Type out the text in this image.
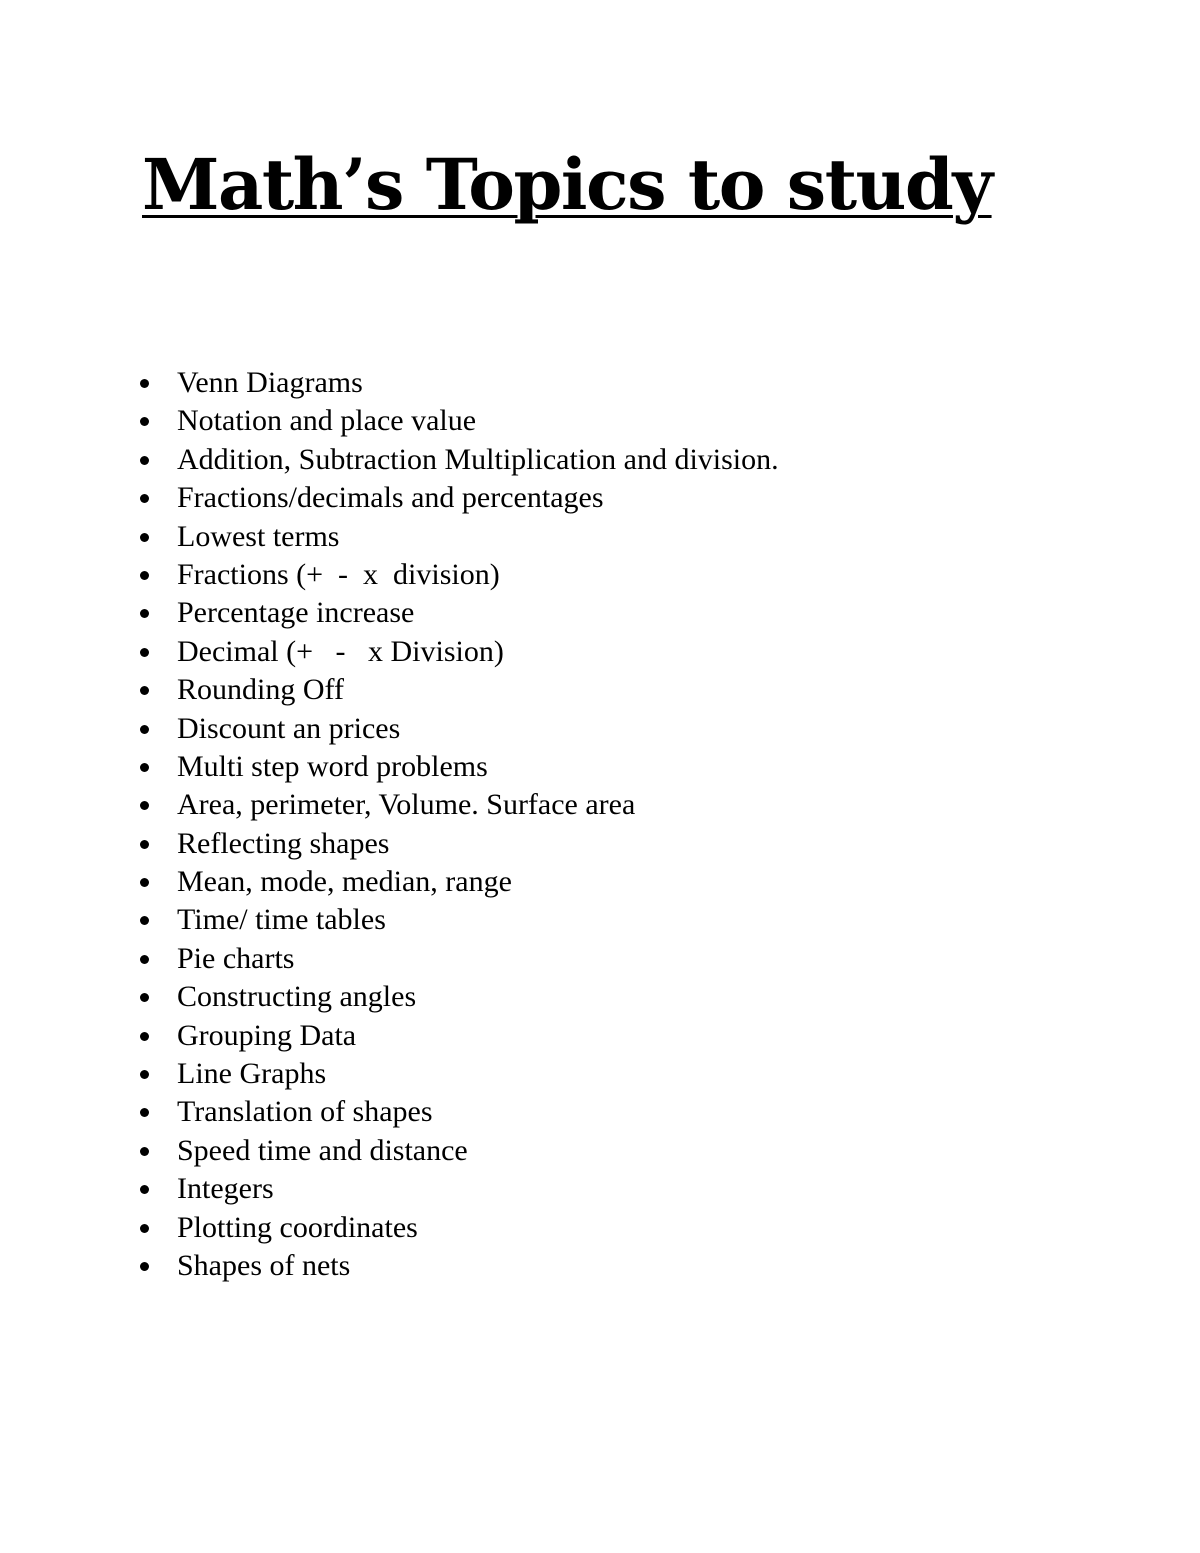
Math’s Topics to study
Venn Diagrams
Notation and place value
Addition, Subtraction Multiplication and division.
Fractions/decimals and percentages
Lowest terms
Fractions (+  -  x  division)
Percentage increase
Decimal (+   -   x Division)
Rounding Off
Discount an prices
Multi step word problems
Area, perimeter, Volume. Surface area
Reflecting shapes
Mean, mode, median, range
Time/ time tables
Pie charts
Constructing angles
Grouping Data
Line Graphs
Translation of shapes
Speed time and distance
Integers
Plotting coordinates
Shapes of nets
